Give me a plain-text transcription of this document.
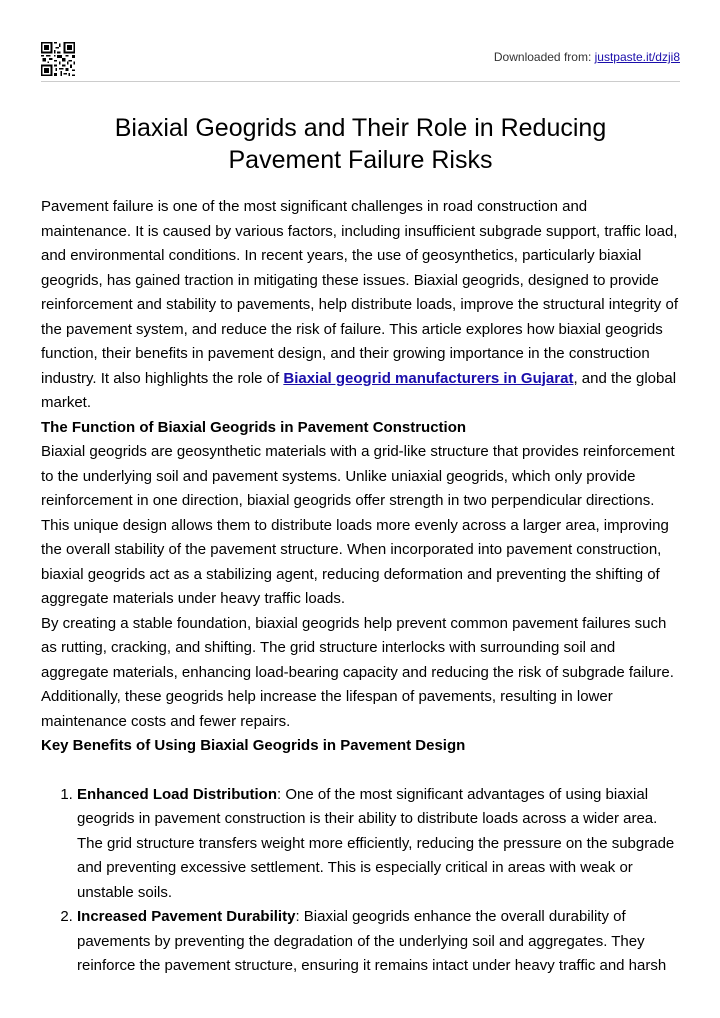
Downloaded from: justpaste.it/dzji8
Biaxial Geogrids and Their Role in Reducing
Pavement Failure Risks

Pavement failure is one of the most significant challenges in road construction and maintenance. It is caused by various factors, including insufficient subgrade support, traffic load, and environmental conditions. In recent years, the use of geosynthetics, particularly biaxial geogrids, has gained traction in mitigating these issues. Biaxial geogrids, designed to provide reinforcement and stability to pavements, help distribute loads, improve the structural integrity of the pavement system, and reduce the risk of failure. This article explores how biaxial geogrids function, their benefits in pavement design, and their growing importance in the construction industry. It also highlights the role of Biaxial geogrid manufacturers in Gujarat, and the global market.

The Function of Biaxial Geogrids in Pavement Construction

Biaxial geogrids are geosynthetic materials with a grid-like structure that provides reinforcement to the underlying soil and pavement systems. Unlike uniaxial geogrids, which only provide reinforcement in one direction, biaxial geogrids offer strength in two perpendicular directions. This unique design allows them to distribute loads more evenly across a larger area, improving the overall stability of the pavement structure. When incorporated into pavement construction, biaxial geogrids act as a stabilizing agent, reducing deformation and preventing the shifting of aggregate materials under heavy traffic loads.

By creating a stable foundation, biaxial geogrids help prevent common pavement failures such as rutting, cracking, and shifting. The grid structure interlocks with surrounding soil and aggregate materials, enhancing load-bearing capacity and reducing the risk of subgrade failure. Additionally, these geogrids help increase the lifespan of pavements, resulting in lower maintenance costs and fewer repairs.

Key Benefits of Using Biaxial Geogrids in Pavement Design
1. Enhanced Load Distribution: One of the most significant advantages of using biaxial geogrids in pavement construction is their ability to distribute loads across a wider area. The grid structure transfers weight more efficiently, reducing the pressure on the subgrade and preventing excessive settlement. This is especially critical in areas with weak or unstable soils.
2. Increased Pavement Durability: Biaxial geogrids enhance the overall durability of pavements by preventing the degradation of the underlying soil and aggregates. They reinforce the pavement structure, ensuring it remains intact under heavy traffic and harsh
